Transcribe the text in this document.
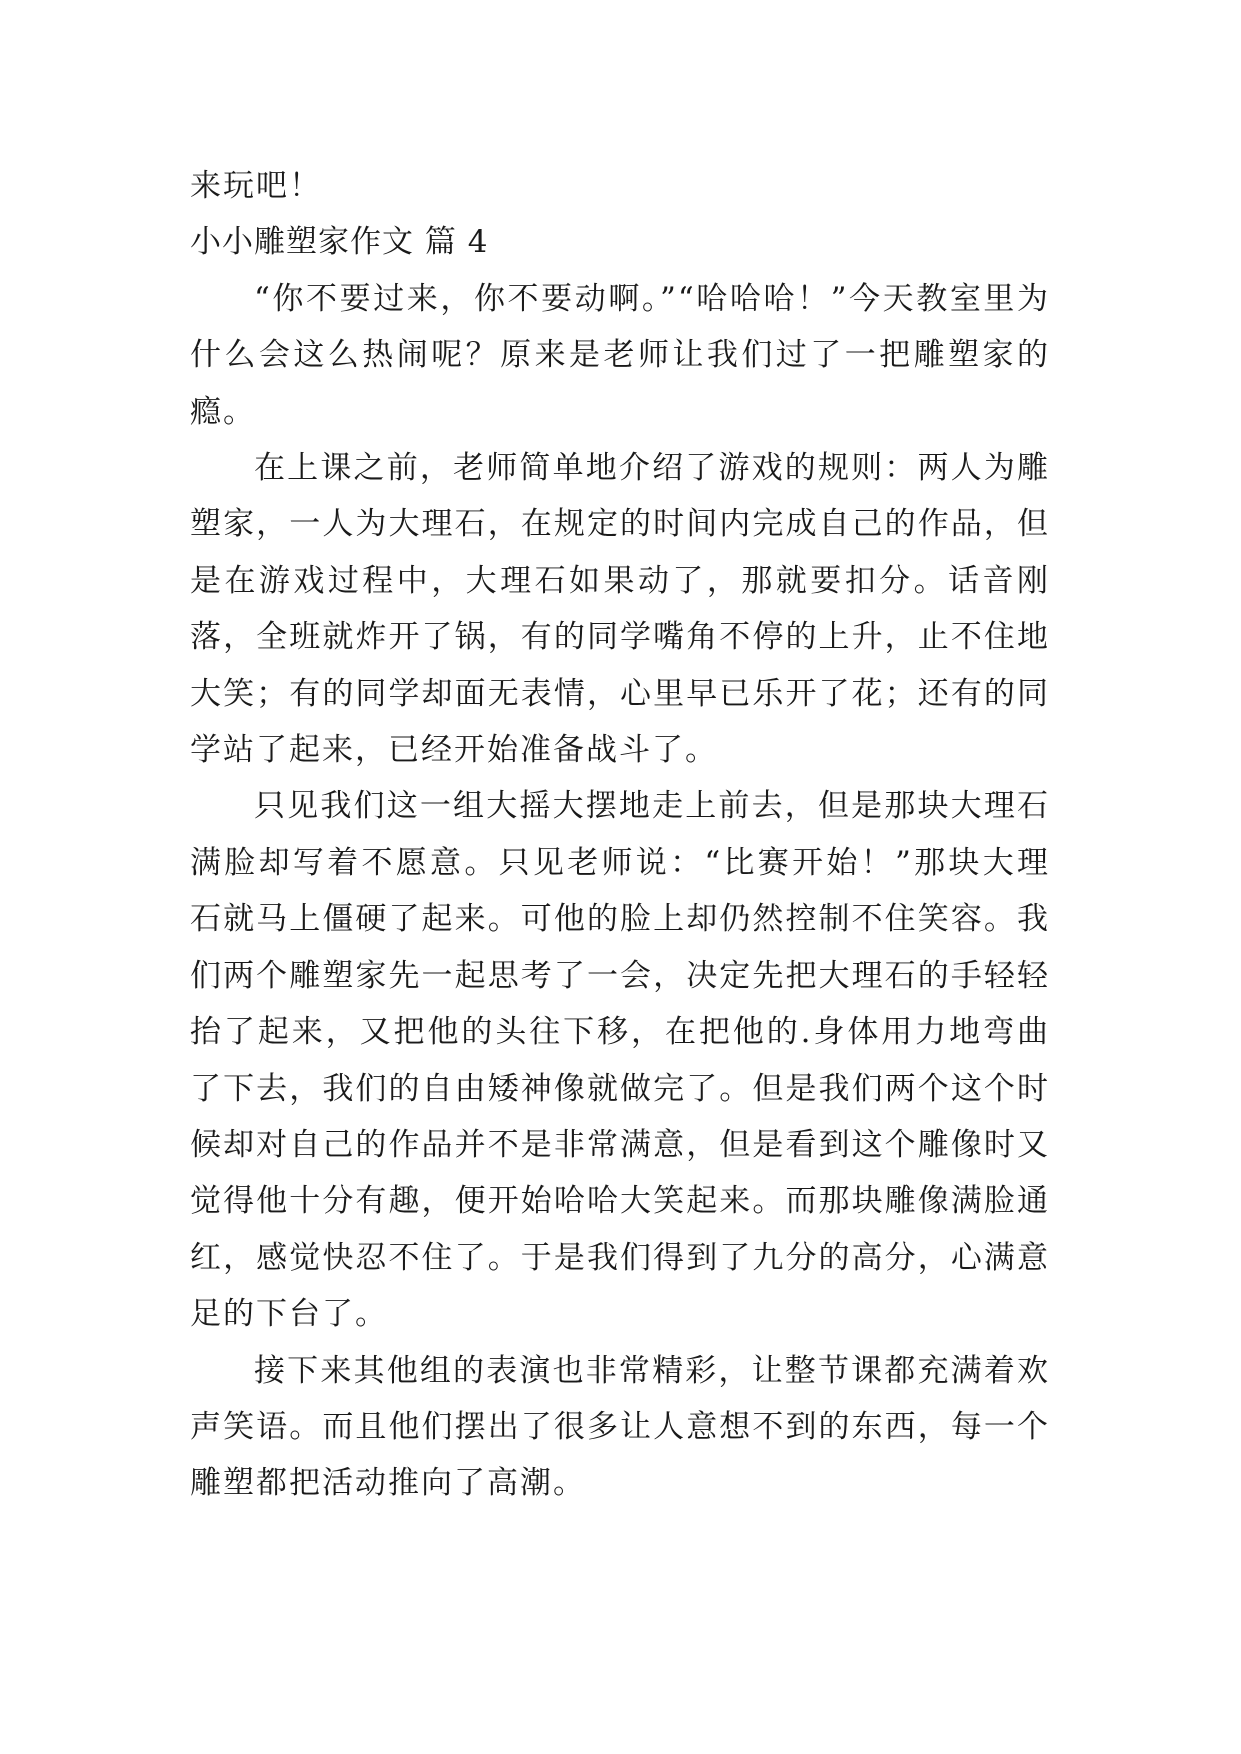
来玩吧！

小小雕塑家作文 篇 4

“你不要过来，你不要动啊。”“哈哈哈！”今天教室里为什么会这么热闹呢？原来是老师让我们过了一把雕塑家的瘾。

在上课之前，老师简单地介绍了游戏的规则：两人为雕塑家，一人为大理石，在规定的时间内完成自己的作品，但是在游戏过程中，大理石如果动了，那就要扣分。话音刚落，全班就炸开了锅，有的同学嘴角不停的上升，止不住地大笑；有的同学却面无表情，心里早已乐开了花；还有的同学站了起来，已经开始准备战斗了。

只见我们这一组大摇大摆地走上前去，但是那块大理石满脸却写着不愿意。只见老师说：“比赛开始！”那块大理石就马上僵硬了起来。可他的脸上却仍然控制不住笑容。我们两个雕塑家先一起思考了一会，决定先把大理石的手轻轻抬了起来，又把他的头往下移，在把他的.身体用力地弯曲了下去，我们的自由矮神像就做完了。但是我们两个这个时候却对自己的作品并不是非常满意，但是看到这个雕像时又觉得他十分有趣，便开始哈哈大笑起来。而那块雕像满脸通红，感觉快忍不住了。于是我们得到了九分的高分，心满意足的下台了。

接下来其他组的表演也非常精彩，让整节课都充满着欢声笑语。而且他们摆出了很多让人意想不到的东西，每一个雕塑都把活动推向了高潮。
